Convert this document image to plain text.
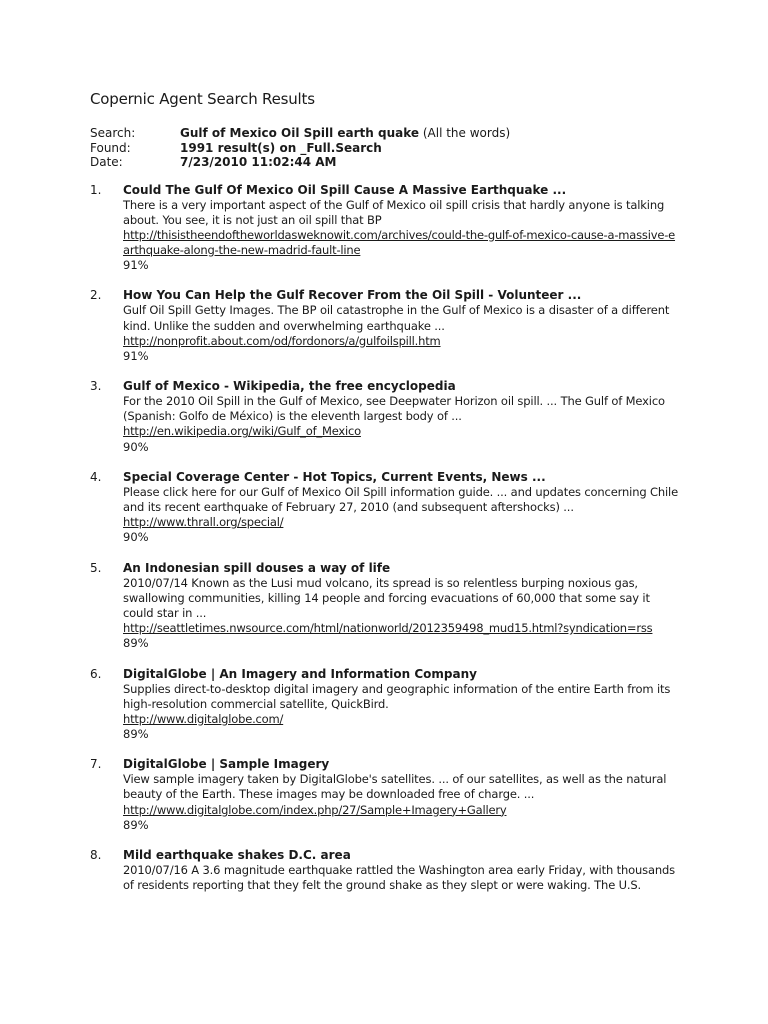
Copernic Agent Search Results
Search:	Gulf of Mexico Oil Spill earth quake (All the words)
Found:	1991 result(s) on _Full.Search
Date:	7/23/2010 11:02:44 AM
1.	Could The Gulf Of Mexico Oil Spill Cause A Massive Earthquake ...
There is a very important aspect of the Gulf of Mexico oil spill crisis that hardly anyone is talking about. You see, it is not just an oil spill that BP
http://thisistheendoftheworldasweknowit.com/archives/could-the-gulf-of-mexico-cause-a-massive-earthquake-along-the-new-madrid-fault-line
91%
2.	How You Can Help the Gulf Recover From the Oil Spill - Volunteer ...
Gulf Oil Spill Getty Images. The BP oil catastrophe in the Gulf of Mexico is a disaster of a different kind. Unlike the sudden and overwhelming earthquake ...
http://nonprofit.about.com/od/fordonors/a/gulfoilspill.htm
91%
3.	Gulf of Mexico - Wikipedia, the free encyclopedia
For the 2010 Oil Spill in the Gulf of Mexico, see Deepwater Horizon oil spill. ... The Gulf of Mexico (Spanish: Golfo de México) is the eleventh largest body of ...
http://en.wikipedia.org/wiki/Gulf_of_Mexico
90%
4.	Special Coverage Center - Hot Topics, Current Events, News ...
Please click here for our Gulf of Mexico Oil Spill information guide. ... and updates concerning Chile and its recent earthquake of February 27, 2010 (and subsequent aftershocks) ...
http://www.thrall.org/special/
90%
5.	An Indonesian spill douses a way of life
2010/07/14 Known as the Lusi mud volcano, its spread is so relentless burping noxious gas, swallowing communities, killing 14 people and forcing evacuations of 60,000 that some say it could star in ...
http://seattletimes.nwsource.com/html/nationworld/2012359498_mud15.html?syndication=rss
89%
6.	DigitalGlobe | An Imagery and Information Company
Supplies direct-to-desktop digital imagery and geographic information of the entire Earth from its high-resolution commercial satellite, QuickBird.
http://www.digitalglobe.com/
89%
7.	DigitalGlobe | Sample Imagery
View sample imagery taken by DigitalGlobe's satellites. ... of our satellites, as well as the natural beauty of the Earth. These images may be downloaded free of charge. ...
http://www.digitalglobe.com/index.php/27/Sample+Imagery+Gallery
89%
8.	Mild earthquake shakes D.C. area
2010/07/16 A 3.6 magnitude earthquake rattled the Washington area early Friday, with thousands of residents reporting that they felt the ground shake as they slept or were waking. The U.S.
